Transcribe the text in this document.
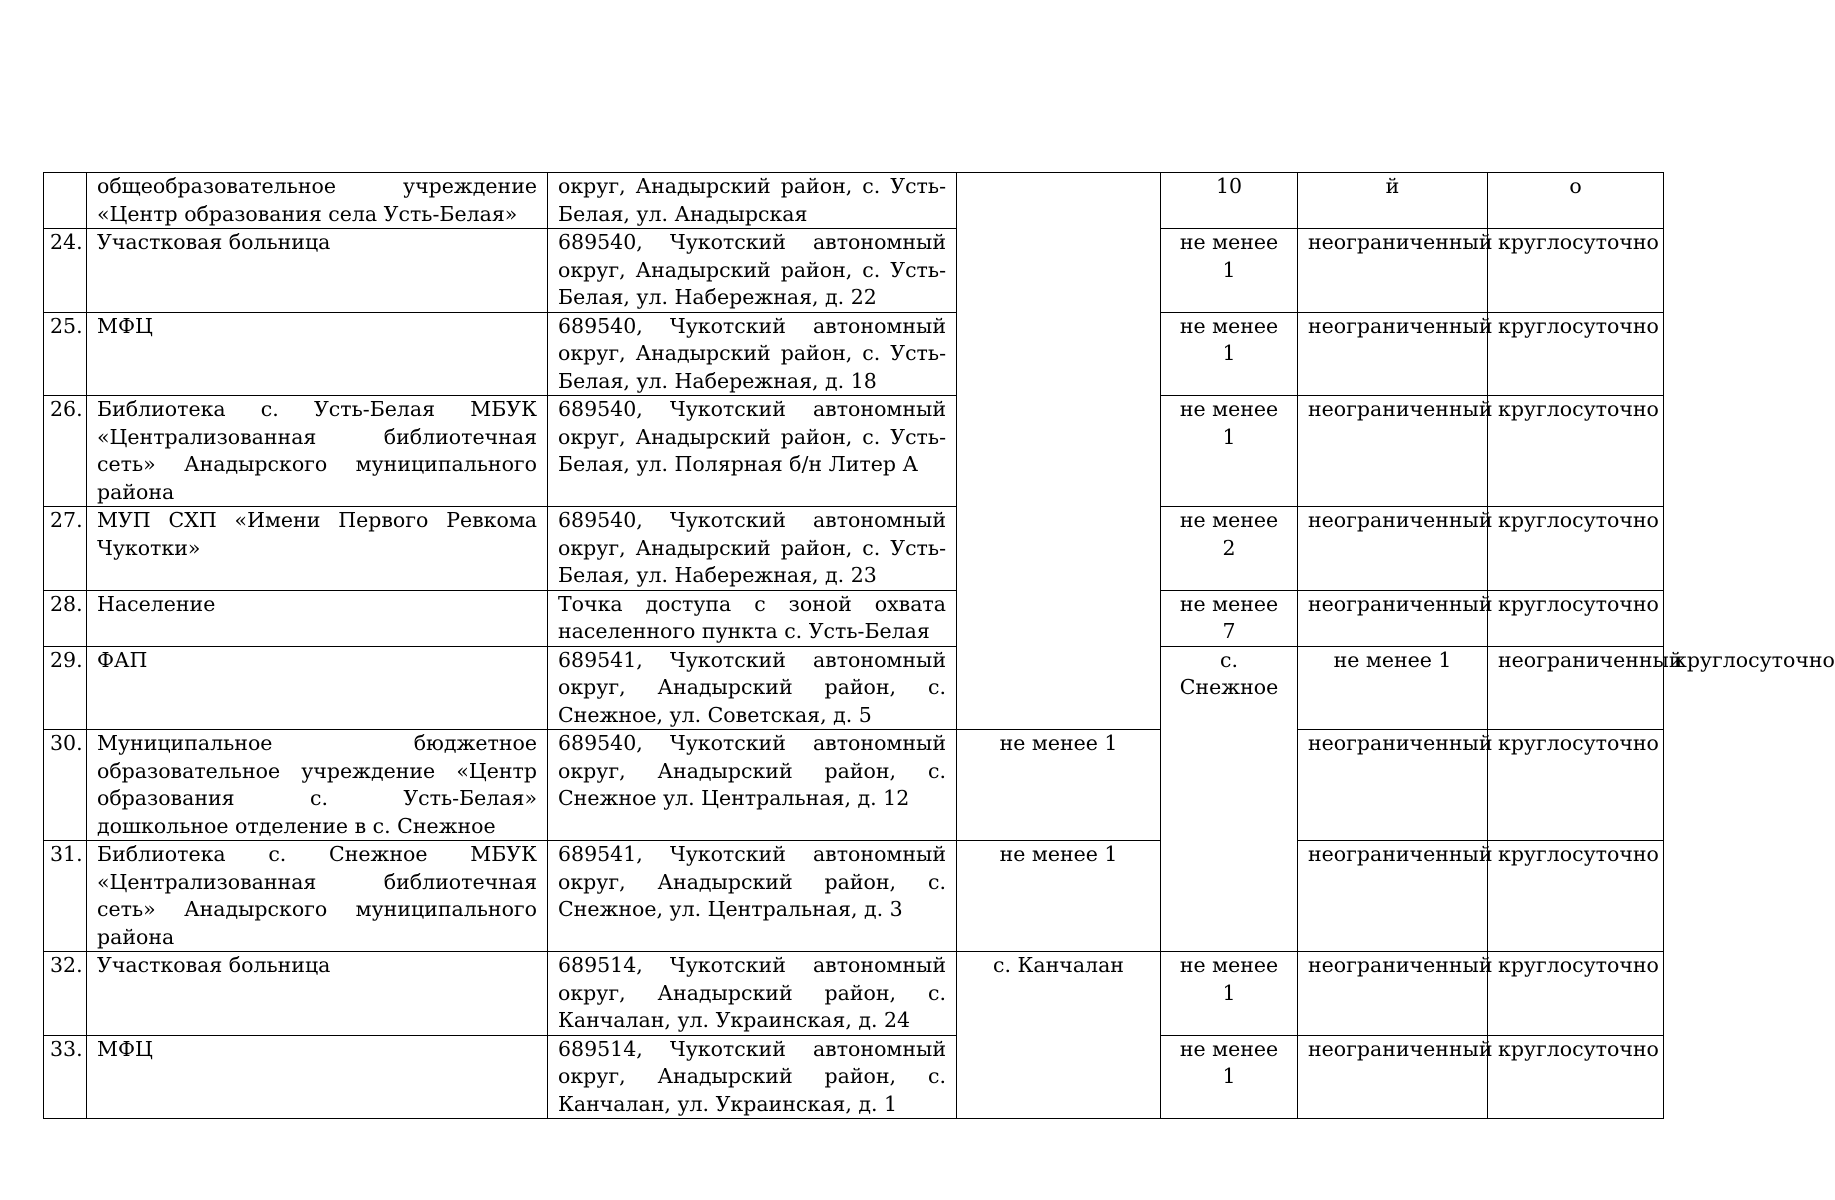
	общеобразовательное учреждение «Центр образования села Усть-Белая»	округ, Анадырский район, с. Усть-Белая, ул. Анадырская		10	й	о	
24.	Участковая больница	689540, Чукотский автономный округ, Анадырский район, с. Усть-Белая, ул. Набережная, д. 22		не менее 1	неограниченный	круглосуточно	
25.	МФЦ	689540, Чукотский автономный округ, Анадырский район, с. Усть-Белая, ул. Набережная, д. 18		не менее 1	неограниченный	круглосуточно	
26.	Библиотека с. Усть-Белая МБУК «Централизованная библиотечная сеть» Анадырского муниципального района	689540, Чукотский автономный округ, Анадырский район, с. Усть-Белая, ул. Полярная б/н Литер А		не менее 1	неограниченный	круглосуточно	
27.	МУП СХП «Имени Первого Ревкома Чукотки»	689540, Чукотский автономный округ, Анадырский район, с. Усть-Белая, ул. Набережная, д. 23		не менее 2	неограниченный	круглосуточно	
28.	Население	Точка доступа с зоной охвата населенного пункта с. Усть-Белая		не менее 7	неограниченный	круглосуточно	
29.	ФАП	689541, Чукотский автономный округ, Анадырский район, с. Снежное, ул. Советская, д. 5		с. Снежное	не менее 1	неограниченный	круглосуточно
30.	Муниципальное бюджетное образовательное учреждение «Центр образования с. Усть-Белая» дошкольное отделение в с. Снежное	689540, Чукотский автономный округ, Анадырский район, с. Снежное ул. Центральная, д. 12	не менее 1		неограниченный	круглосуточно	
31.	Библиотека с. Снежное МБУК «Централизованная библиотечная сеть» Анадырского муниципального района	689541, Чукотский автономный округ, Анадырский район, с. Снежное, ул. Центральная, д. 3	не менее 1		неограниченный	круглосуточно	
32.	Участковая больница	689514, Чукотский автономный округ, Анадырский район, с. Канчалан, ул. Украинская, д. 24	с. Канчалан	не менее 1	неограниченный	круглосуточно	
33.	МФЦ	689514, Чукотский автономный округ, Анадырский район, с. Канчалан, ул. Украинская, д. 1		не менее 1	неограниченный	круглосуточно	
